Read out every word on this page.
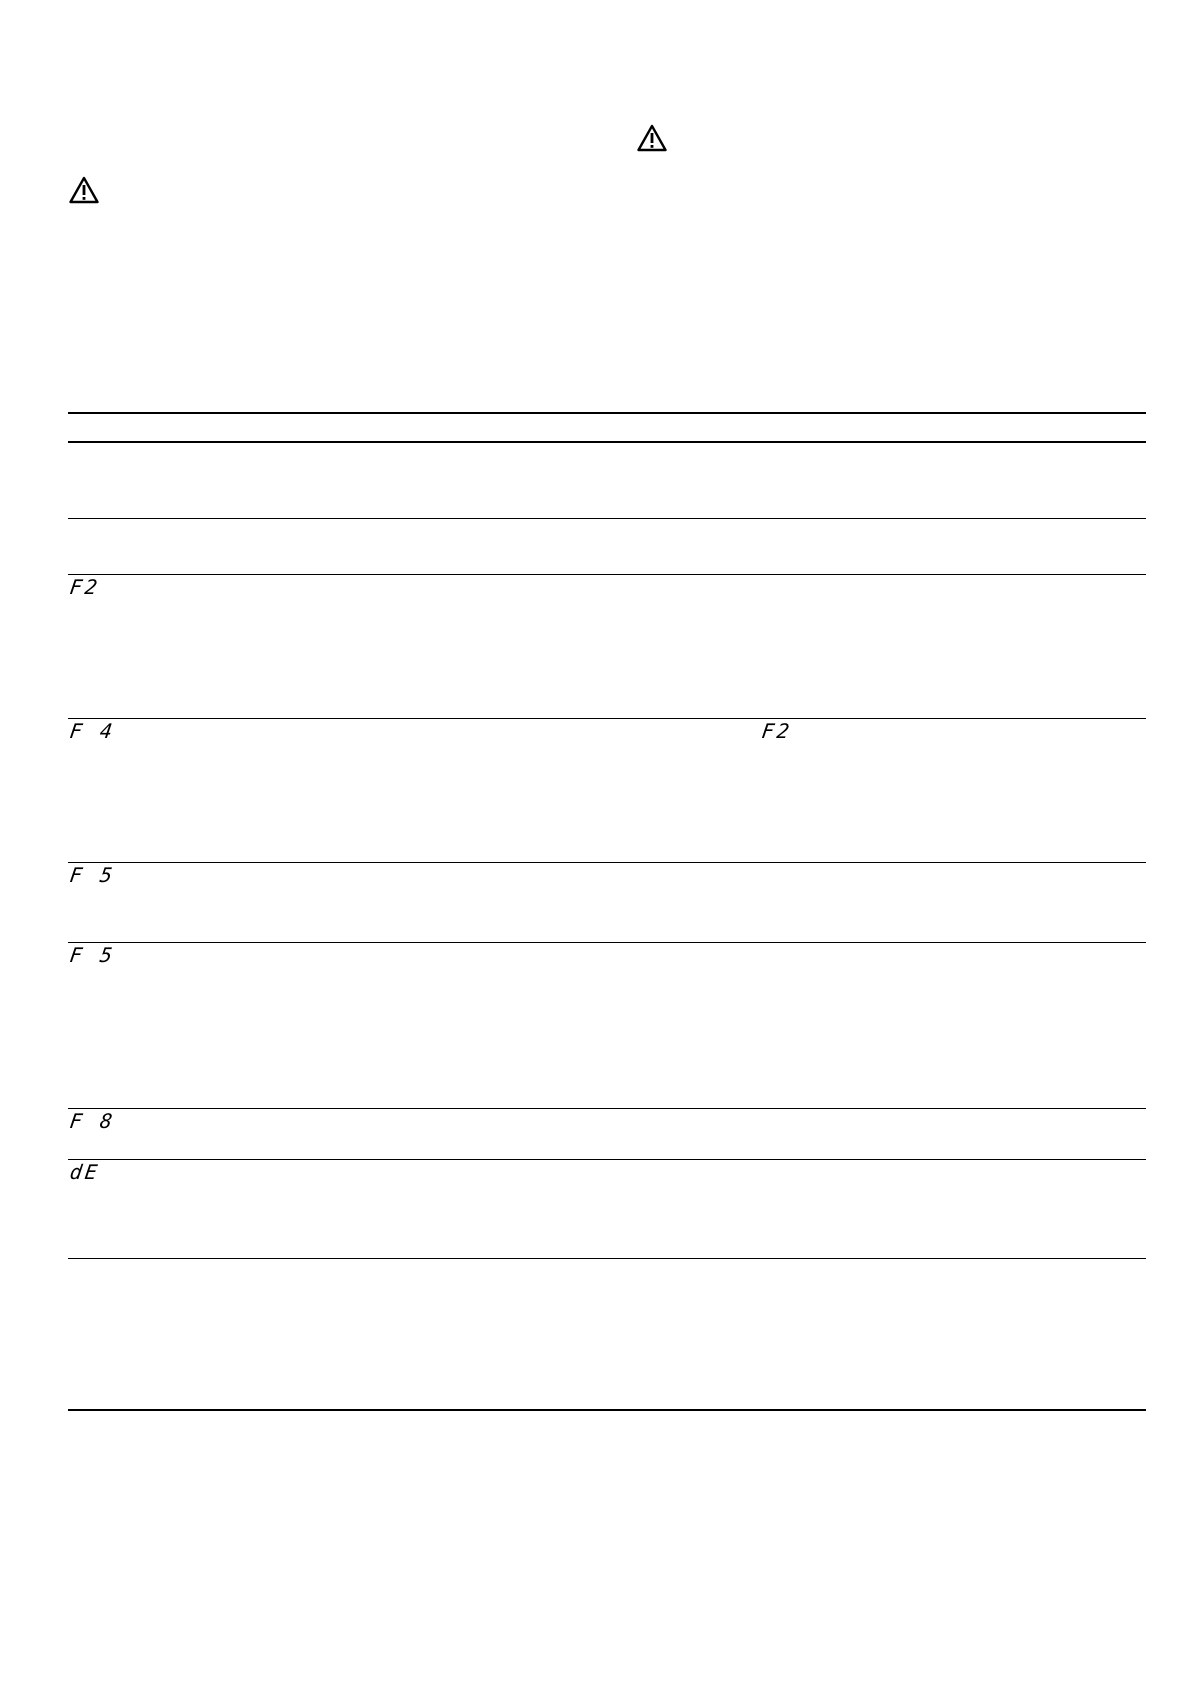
F2
F 4	F2
F 5
F 5
F 8
dE
